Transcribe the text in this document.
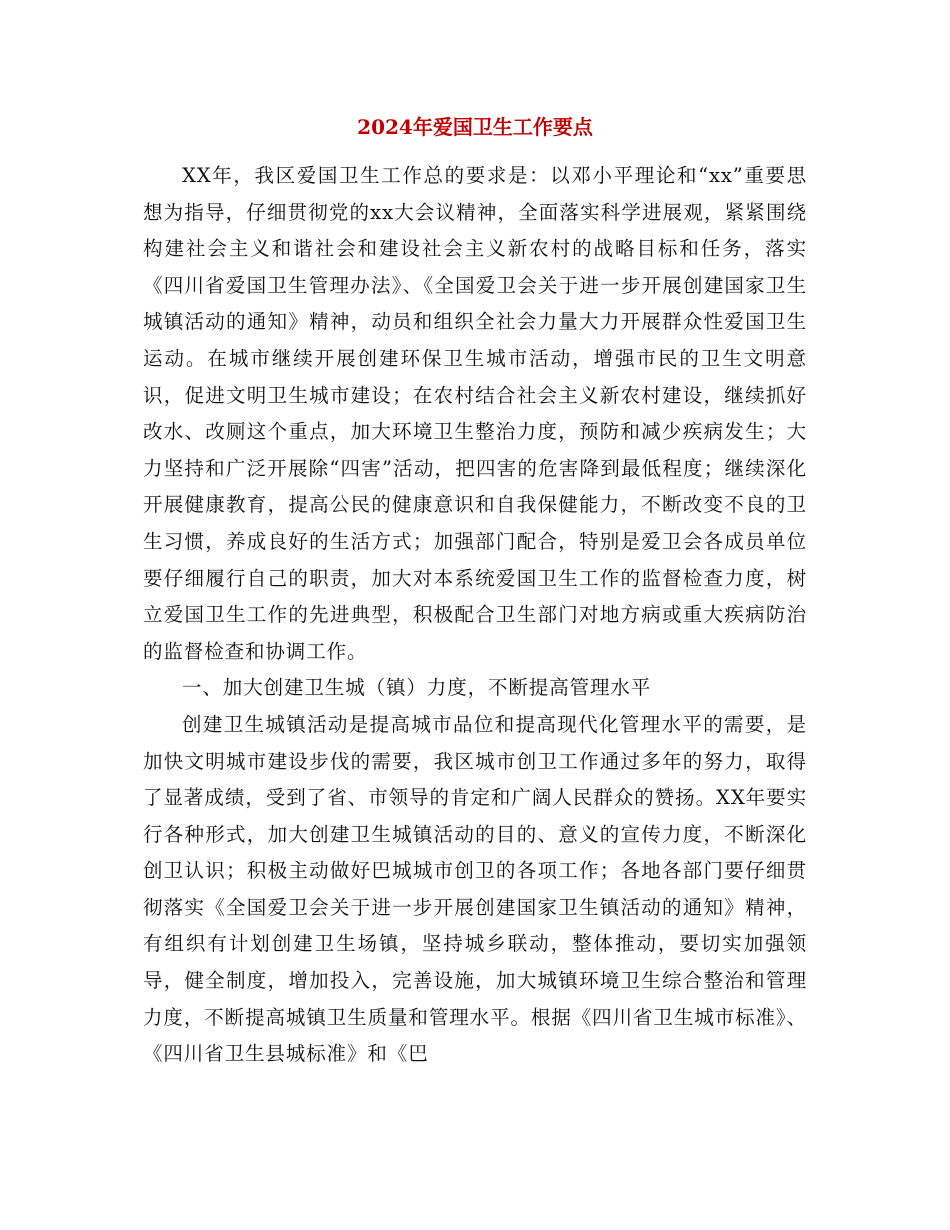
2024年爱国卫生工作要点

XX年，我区爱国卫生工作总的要求是：以邓小平理论和“xx”重要思想为指导，仔细贯彻党的xx大会议精神，全面落实科学进展观，紧紧围绕构建社会主义和谐社会和建设社会主义新农村的战略目标和任务，落实《四川省爱国卫生管理办法》、《全国爱卫会关于进一步开展创建国家卫生城镇活动的通知》精神，动员和组织全社会力量大力开展群众性爱国卫生运动。在城市继续开展创建环保卫生城市活动，增强市民的卫生文明意识，促进文明卫生城市建设；在农村结合社会主义新农村建设，继续抓好改水、改厕这个重点，加大环境卫生整治力度，预防和减少疾病发生；大力坚持和广泛开展除“四害”活动，把四害的危害降到最低程度；继续深化开展健康教育，提高公民的健康意识和自我保健能力，不断改变不良的卫生习惯，养成良好的生活方式；加强部门配合，特别是爱卫会各成员单位要仔细履行自己的职责，加大对本系统爱国卫生工作的监督检查力度，树立爱国卫生工作的先进典型，积极配合卫生部门对地方病或重大疾病防治的监督检查和协调工作。

一、加大创建卫生城（镇）力度，不断提高管理水平

创建卫生城镇活动是提高城市品位和提高现代化管理水平的需要，是加快文明城市建设步伐的需要，我区城市创卫工作通过多年的努力，取得了显著成绩，受到了省、市领导的肯定和广阔人民群众的赞扬。XX年要实行各种形式，加大创建卫生城镇活动的目的、意义的宣传力度，不断深化创卫认识；积极主动做好巴城城市创卫的各项工作；各地各部门要仔细贯彻落实《全国爱卫会关于进一步开展创建国家卫生镇活动的通知》精神，有组织有计划创建卫生场镇，坚持城乡联动，整体推动，要切实加强领导，健全制度，增加投入，完善设施，加大城镇环境卫生综合整治和管理力度，不断提高城镇卫生质量和管理水平。根据《四川省卫生城市标准》、《四川省卫生县城标准》和《巴
